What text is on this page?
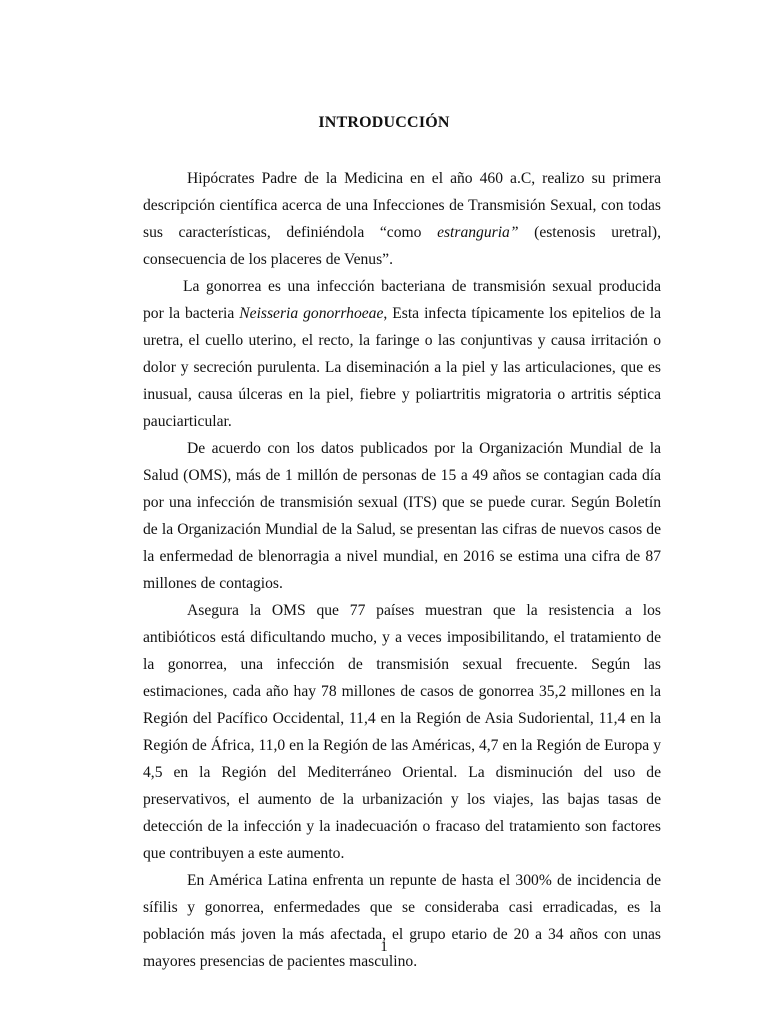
INTRODUCCIÓN

Hipócrates Padre de la Medicina en el año 460 a.C, realizo su primera descripción científica acerca de una Infecciones de Transmisión Sexual, con todas sus características, definiéndola “como estranguria” (estenosis uretral), consecuencia de los placeres de Venus”.

La gonorrea es una infección bacteriana de transmisión sexual producida por la bacteria Neisseria gonorrhoeae, Esta infecta típicamente los epitelios de la uretra, el cuello uterino, el recto, la faringe o las conjuntivas y causa irritación o dolor y secreción purulenta. La diseminación a la piel y las articulaciones, que es inusual, causa úlceras en la piel, fiebre y poliartritis migratoria o artritis séptica pauciarticular.

De acuerdo con los datos publicados por la Organización Mundial de la Salud (OMS), más de 1 millón de personas de 15 a 49 años se contagian cada día por una infección de transmisión sexual (ITS) que se puede curar. Según Boletín de la Organización Mundial de la Salud, se presentan las cifras de nuevos casos de la enfermedad de blenorragia a nivel mundial, en 2016 se estima una cifra de 87 millones de contagios.

Asegura la OMS que 77 países muestran que la resistencia a los antibióticos está dificultando mucho, y a veces imposibilitando, el tratamiento de la gonorrea, una infección de transmisión sexual frecuente. Según las estimaciones, cada año hay 78 millones de casos de gonorrea 35,2 millones en la Región del Pacífico Occidental, 11,4 en la Región de Asia Sudoriental, 11,4 en la Región de África, 11,0 en la Región de las Américas, 4,7 en la Región de Europa y 4,5 en la Región del Mediterráneo Oriental. La disminución del uso de preservativos, el aumento de la urbanización y los viajes, las bajas tasas de detección de la infección y la inadecuación o fracaso del tratamiento son factores que contribuyen a este aumento.

En América Latina enfrenta un repunte de hasta el 300% de incidencia de sífilis y gonorrea, enfermedades que se consideraba casi erradicadas, es la población más joven la más afectada, el grupo etario de 20 a 34 años con unas mayores presencias de pacientes masculino.

1
